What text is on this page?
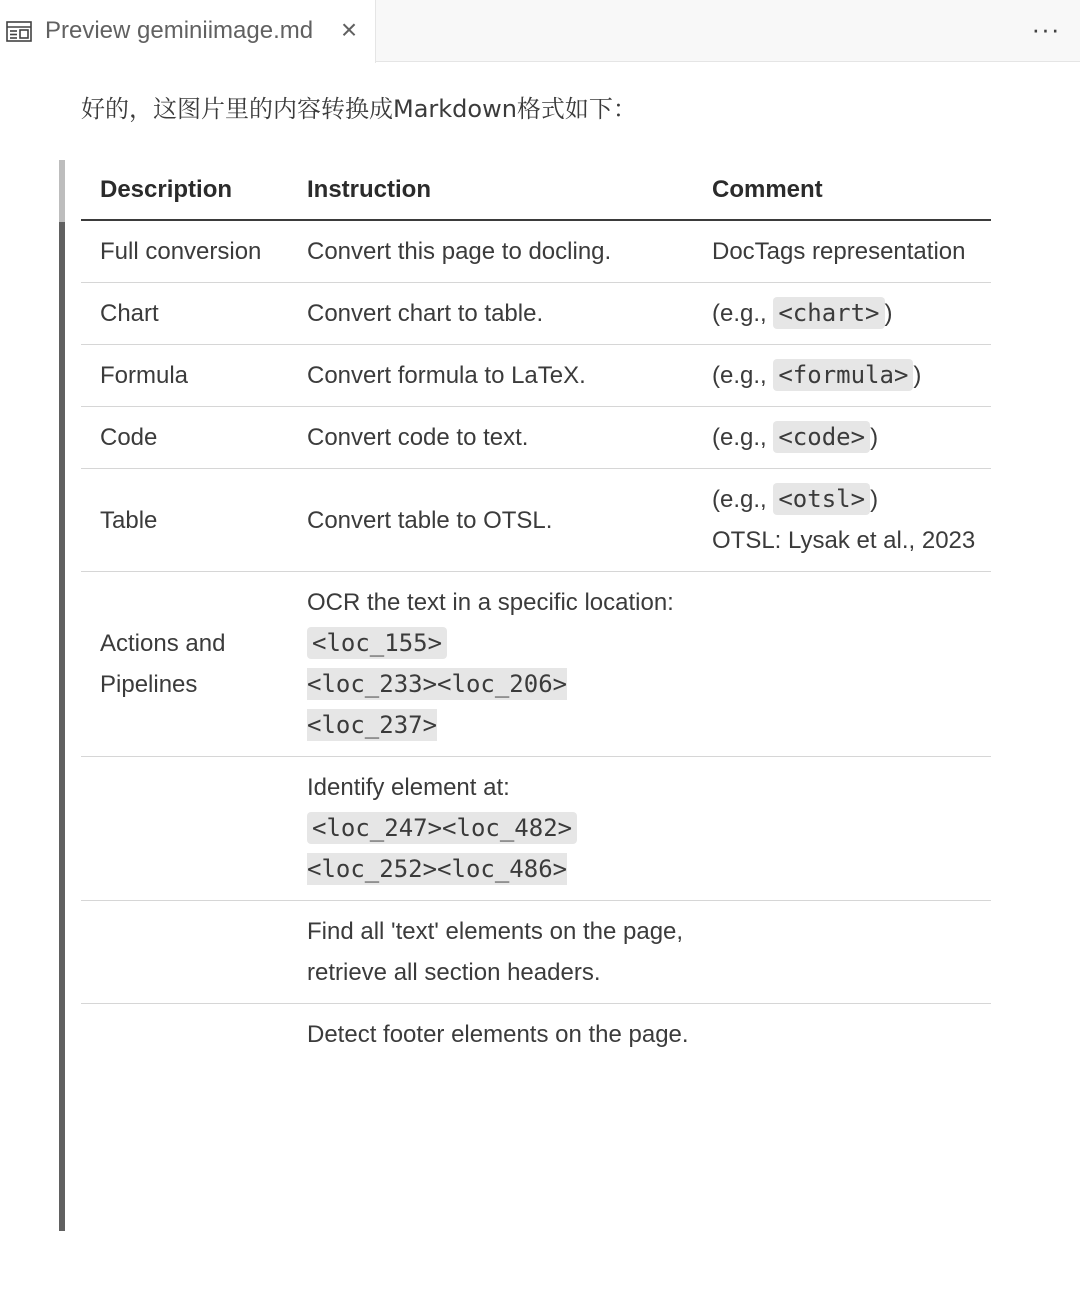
Preview geminiimage.md ×	···
好的，这图片里的内容转换成Markdown格式如下：
Description	Instruction	Comment
Full conversion	Convert this page to docling.	DocTags representation
Chart	Convert chart to table.	(e.g., <chart> )
Formula	Convert formula to LaTeX.	(e.g., <formula> )
Code	Convert code to text.	(e.g., <code> )
Table	Convert table to OTSL.	(e.g., <otsl> )
OTSL: Lysak et al., 2023
Actions and Pipelines	OCR the text in a specific location: <loc_155>
<loc_233><loc_206>
<loc_237>	
	Identify element at:
<loc_247><loc_482>
<loc_252><loc_486>	
	Find all 'text' elements on the page, retrieve all section headers.	
	Detect footer elements on the page.	
